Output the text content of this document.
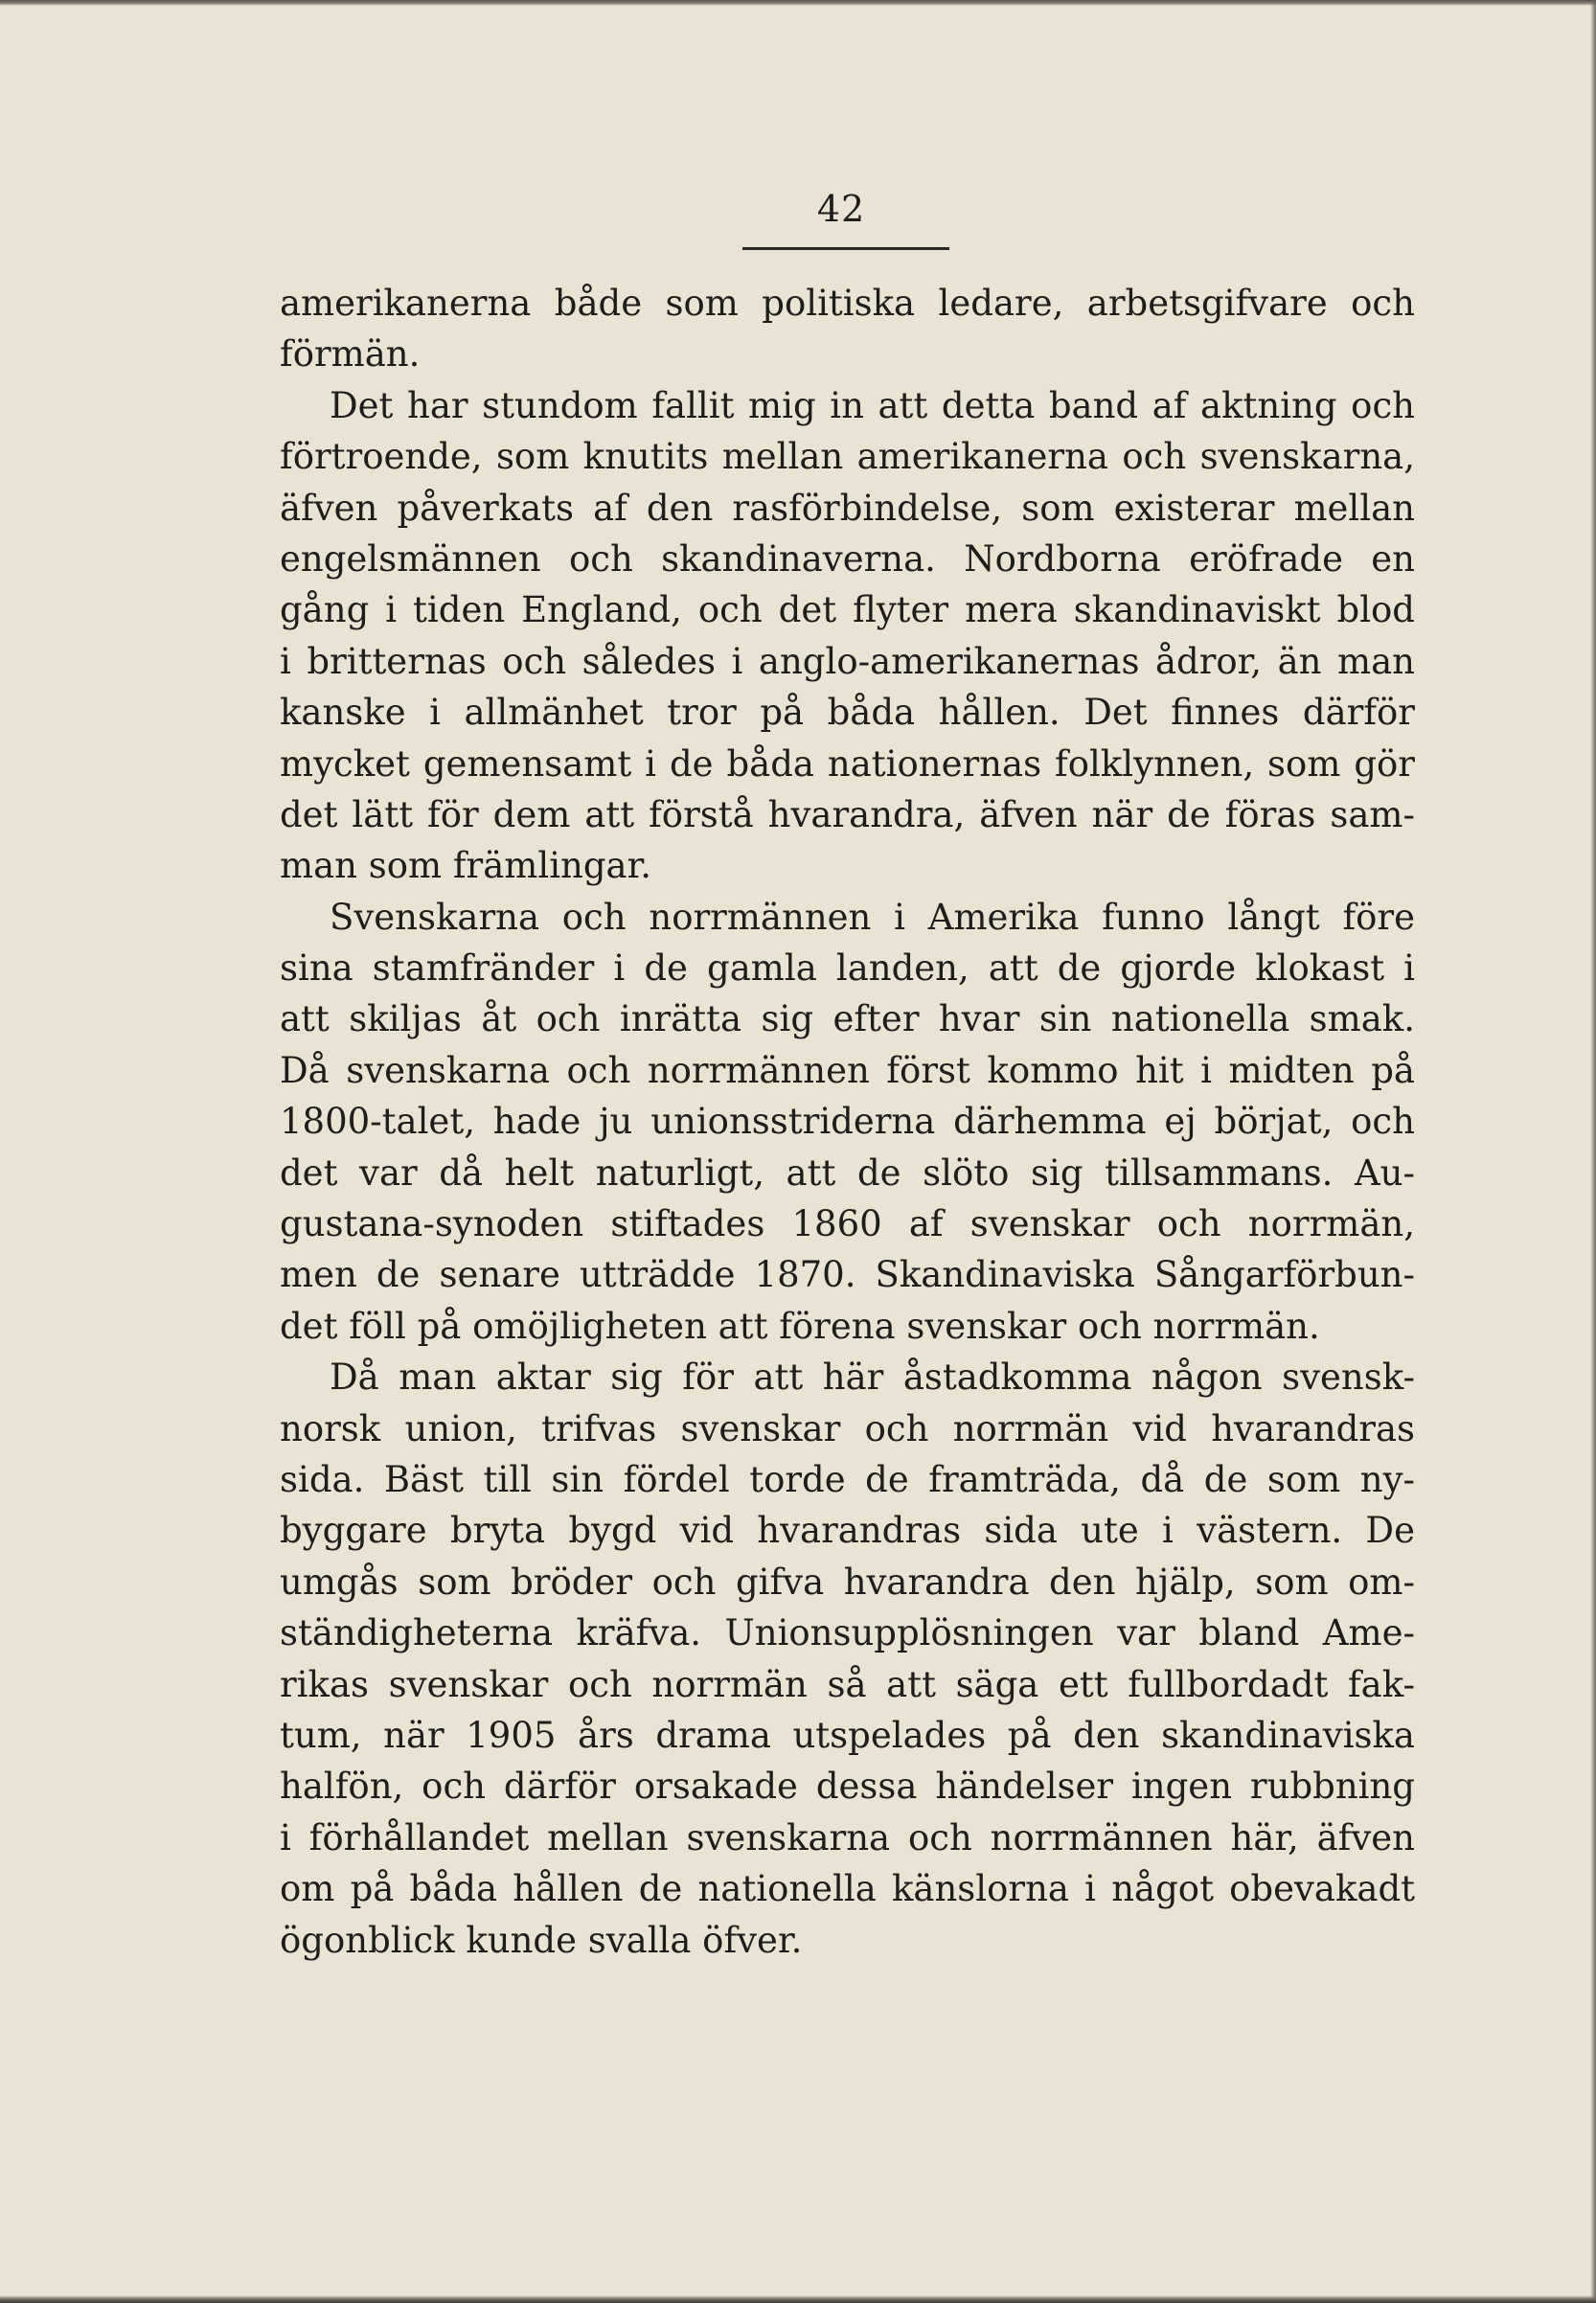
42
amerikanerna både som politiska ledare, arbetsgifvare och
förmän.
Det har stundom fallit mig in att detta band af aktning och
förtroende, som knutits mellan amerikanerna och svenskarna,
äfven påverkats af den rasförbindelse, som existerar mellan
engelsmännen och skandinaverna. Nordborna eröfrade en
gång i tiden England, och det flyter mera skandinaviskt blod
i britternas och således i anglo-amerikanernas ådror, än man
kanske i allmänhet tror på båda hållen. Det finnes därför
mycket gemensamt i de båda nationernas folklynnen, som gör
det lätt för dem att förstå hvarandra, äfven när de föras sam-
man som främlingar.
Svenskarna och norrmännen i Amerika funno långt före
sina stamfränder i de gamla landen, att de gjorde klokast i
att skiljas åt och inrätta sig efter hvar sin nationella smak.
Då svenskarna och norrmännen först kommo hit i midten på
1800-talet, hade ju unionsstriderna därhemma ej börjat, och
det var då helt naturligt, att de slöto sig tillsammans. Au-
gustana-synoden stiftades 1860 af svenskar och norrmän,
men de senare utträdde 1870. Skandinaviska Sångarförbun-
det föll på omöjligheten att förena svenskar och norrmän.
Då man aktar sig för att här åstadkomma någon svensk-
norsk union, trifvas svenskar och norrmän vid hvarandras
sida. Bäst till sin fördel torde de framträda, då de som ny-
byggare bryta bygd vid hvarandras sida ute i västern. De
umgås som bröder och gifva hvarandra den hjälp, som om-
ständigheterna kräfva. Unionsupplösningen var bland Ame-
rikas svenskar och norrmän så att säga ett fullbordadt fak-
tum, när 1905 års drama utspelades på den skandinaviska
halfön, och därför orsakade dessa händelser ingen rubbning
i förhållandet mellan svenskarna och norrmännen här, äfven
om på båda hållen de nationella känslorna i något obevakadt
ögonblick kunde svalla öfver.
